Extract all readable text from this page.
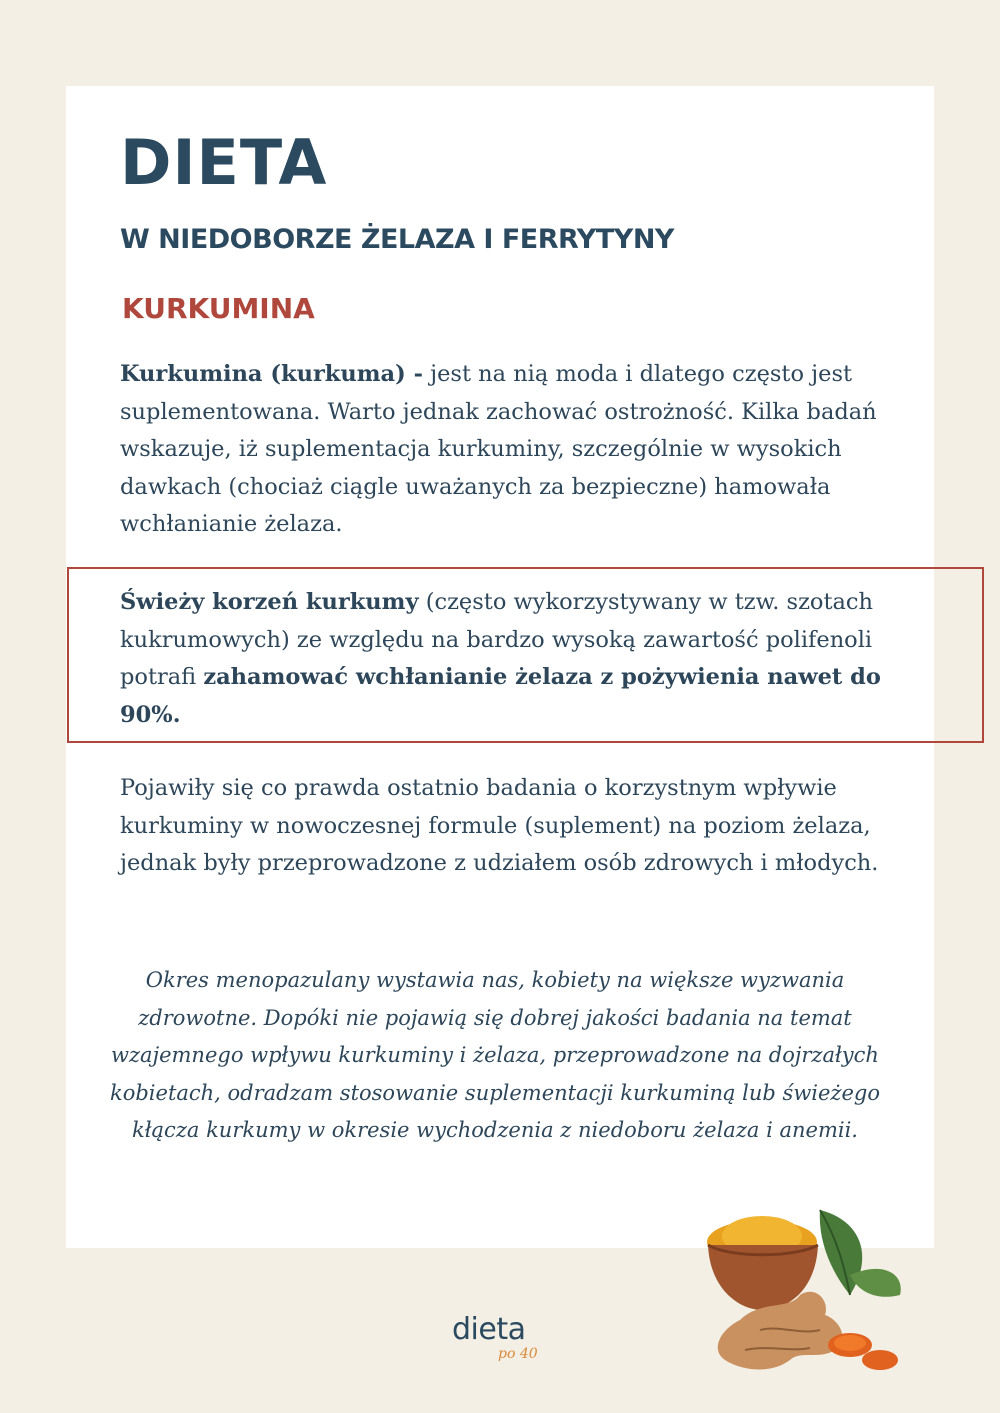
DIETA
W NIEDOBORZE ŻELAZA I FERRYTYNY
KURKUMINA

Kurkumina (kurkuma) - jest na nią moda i dlatego często jest suplementowana. Warto jednak zachować ostrożność. Kilka badań wskazuje, iż suplementacja kurkuminy, szczególnie w wysokich dawkach (chociaż ciągle uważanych za bezpieczne) hamowała wchłanianie żelaza.

Świeży korzeń kurkumy (często wykorzystywany w tzw. szotach kukrumowych) ze względu na bardzo wysoką zawartość polifenoli potrafi zahamować wchłanianie żelaza z pożywienia nawet do 90%.

Pojawiły się co prawda ostatnio badania o korzystnym wpływie kurkuminy w nowoczesnej formule (suplement) na poziom żelaza, jednak były przeprowadzone z udziałem osób zdrowych i młodych.

Okres menopazulany wystawia nas, kobiety na większe wyzwania zdrowotne. Dopóki nie pojawią się dobrej jakości badania na temat wzajemnego wpływu kurkuminy i żelaza, przeprowadzone na dojrzałych kobietach, odradzam stosowanie suplementacji kurkuminą lub świeżego kłącza kurkumy w okresie wychodzenia z niedoboru żelaza i anemii.

dieta
po 40
